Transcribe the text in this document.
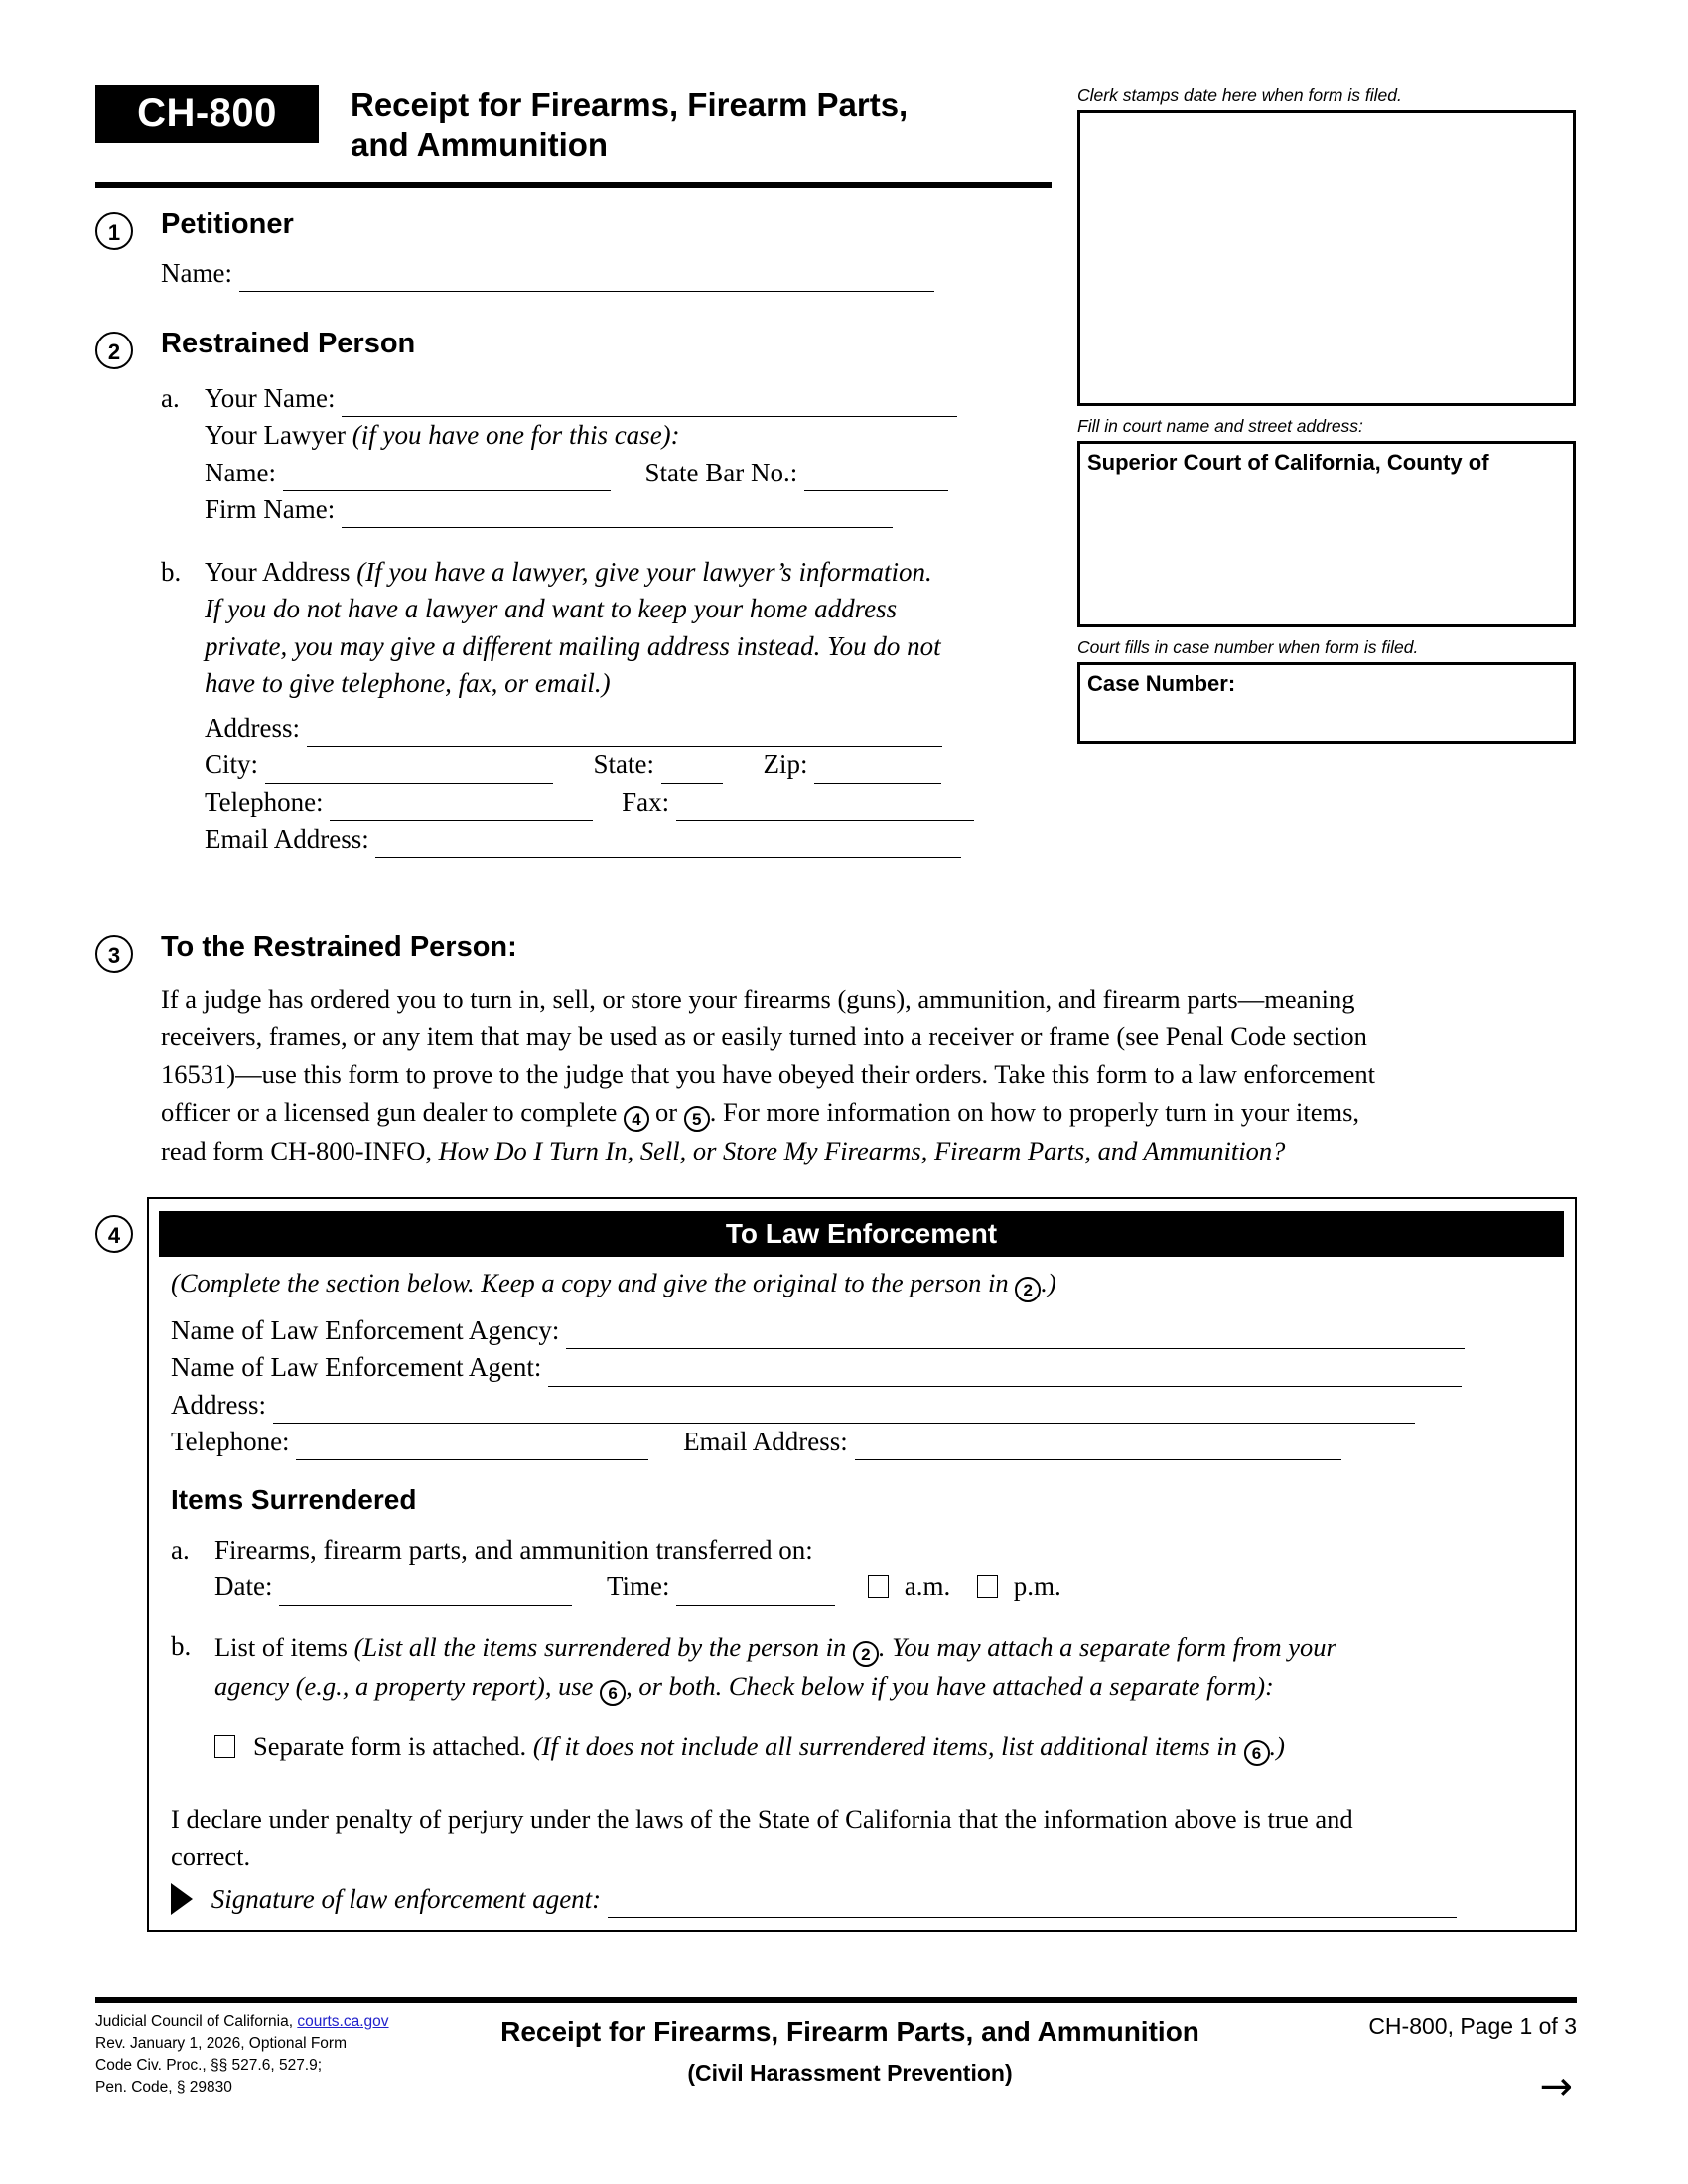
CH-800 Receipt for Firearms, Firearm Parts,
and Ammunition
Clerk stamps date here when form is filed.
Fill in court name and street address:
Superior Court of California, County of
Court fills in case number when form is filed.
Case Number:
1	Petitioner
Name:
2	Restrained Person
a. Your Name:
Your Lawyer (if you have one for this case):
Name:	State Bar No.:
Firm Name:
b. Your Address (If you have a lawyer, give your lawyer’s information.
If you do not have a lawyer and want to keep your home address
private, you may give a different mailing address instead. You do not
have to give telephone, fax, or email.)
Address:
City:	State:	Zip:
Telephone:	Fax:
Email Address:
3	To the Restrained Person:
If a judge has ordered you to turn in, sell, or store your firearms (guns), ammunition, and firearm parts—meaning
receivers, frames, or any item that may be used as or easily turned into a receiver or frame (see Penal Code section
16531)—use this form to prove to the judge that you have obeyed their orders. Take this form to a law enforcement
officer or a licensed gun dealer to complete 4 or 5 . For more information on how to properly turn in your items,
read form CH-800-INFO, How Do I Turn In, Sell, or Store My Firearms, Firearm Parts, and Ammunition?
4	To Law Enforcement
(Complete the section below. Keep a copy and give the original to the person in 2 .)
Name of Law Enforcement Agency:
Name of Law Enforcement Agent:
Address:
Telephone:	Email Address:
Items Surrendered
a. Firearms, firearm parts, and ammunition transferred on:
Date:	Time:	a.m. p.m.
b. List of items (List all the items surrendered by the person in 2 . You may attach a separate form from your
agency (e.g., a property report), use 6 , or both. Check below if you have attached a separate form):
Separate form is attached. (If it does not include all surrendered items, list additional items in 6 .)
I declare under penalty of perjury under the laws of the State of California that the information above is true and
correct.
Signature of law enforcement agent:
Judicial Council of California, courts.ca.gov
Rev. January 1, 2026, Optional Form
Code Civ. Proc., §§ 527.6, 527.9;
Pen. Code, § 29830
Receipt for Firearms, Firearm Parts, and Ammunition
(Civil Harassment Prevention)
CH-800, Page 1 of 3
→
